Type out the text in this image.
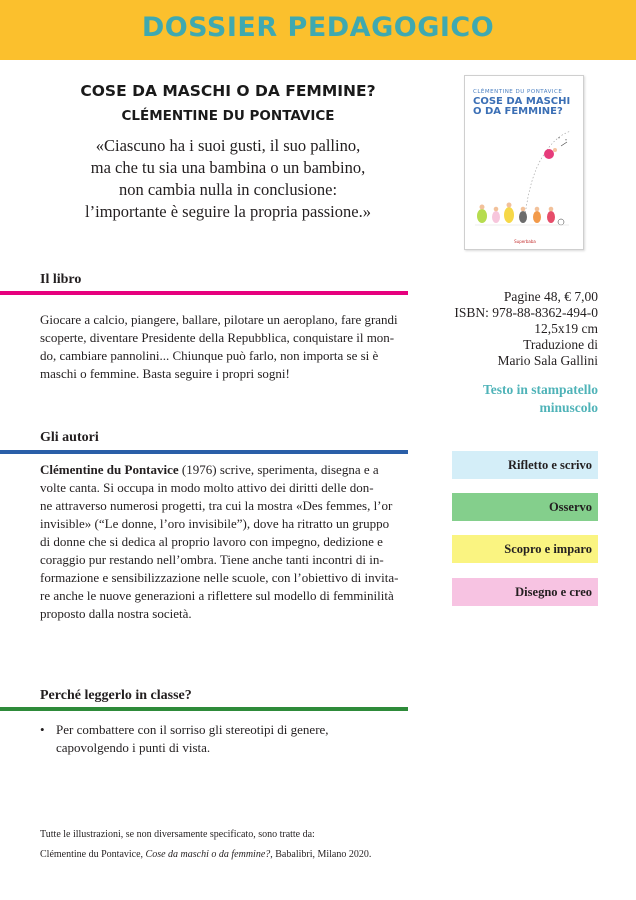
DOSSIER PEDAGOGICO
COSE DA MASCHI O DA FEMMINE?
CLÉMENTINE DU PONTAVICE
«Ciascuno ha i suoi gusti, il suo pallino,
ma che tu sia una bambina o un bambino,
non cambia nulla in conclusione:
l’importante è seguire la propria passione.»
*
*
CLÉMENTINE DU PONTAVICE
COSE DA MASCHI
O DA FEMMINE?
Superbaba
Pagine 48, € 7,00
ISBN: 978-88-8362-494-0
12,5x19 cm
Traduzione di
Mario Sala Gallini
Testo in stampatello
minuscolo
Rifletto e scrivo
Osservo
Scopro e imparo
Disegno e creo
Il libro

Giocare a calcio, piangere, ballare, pilotare un aeroplano, fare grandi

scoperte, diventare Presidente della Repubblica, conquistare il mon-

do, cambiare pannolini... Chiunque può farlo, non importa se si è

maschi o femmine. Basta seguire i propri sogni!

Gli autori

Clémentine du Pontavice (1976) scrive, sperimenta, disegna e a

volte canta. Si occupa in modo molto attivo dei diritti delle don-

ne attraverso numerosi progetti, tra cui la mostra «Des femmes, l’or

invisible» (“Le donne, l’oro invisibile”), dove ha ritratto un gruppo

di donne che si dedica al proprio lavoro con impegno, dedizione e

coraggio pur restando nell’ombra. Tiene anche tanti incontri di in-

formazione e sensibilizzazione nelle scuole, con l’obiettivo di invita-

re anche le nuove generazioni a riflettere sul modello di femminilità

proposto dalla nostra società.

Perché leggerlo in classe?
• Per combattere con il sorriso gli stereotipi di genere,
capovolgendo i punti di vista.
Tutte le illustrazioni, se non diversamente specificato, sono tratte da:
Clémentine du Pontavice, Cose da maschi o da femmine?, Babalibri, Milano 2020.
